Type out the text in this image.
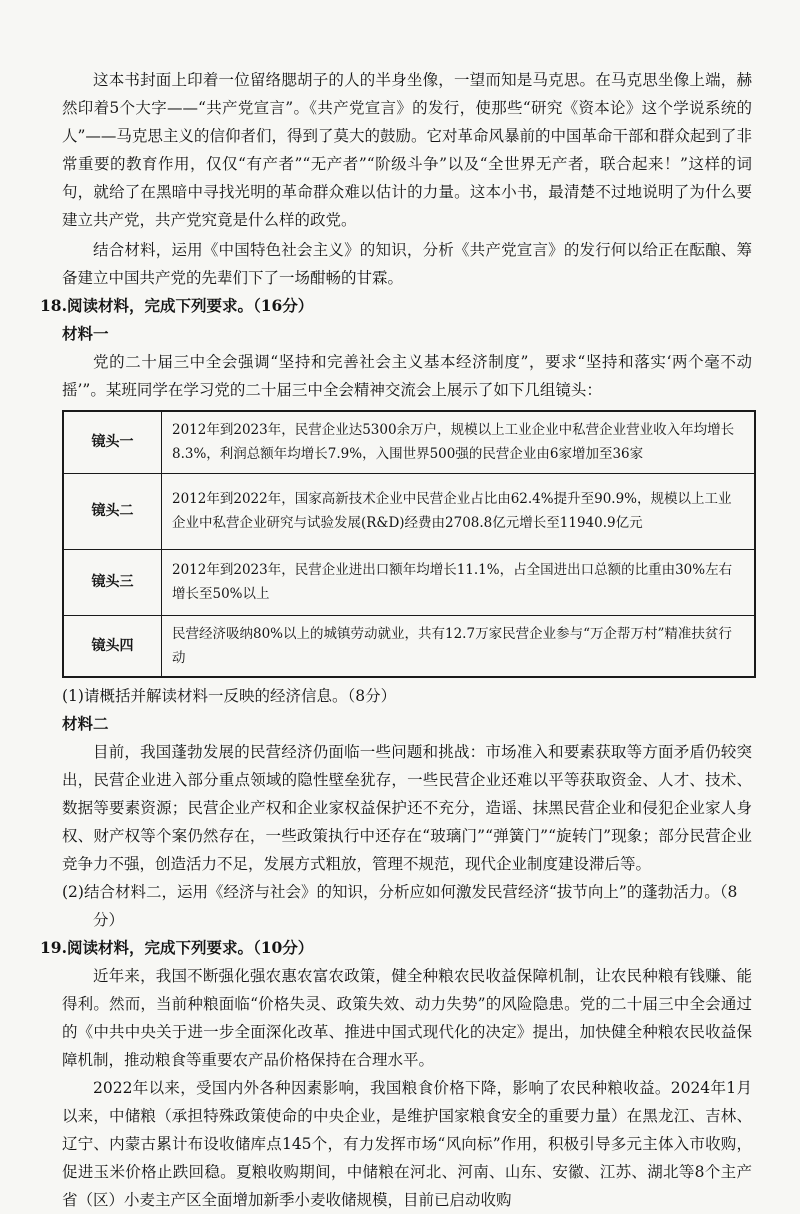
这本书封面上印着一位留络腮胡子的人的半身坐像，一望而知是马克思。在马克思坐像上端，赫然印着5个大字——“共产党宣言”。《共产党宣言》的发行，使那些“研究《资本论》这个学说系统的人”——马克思主义的信仰者们，得到了莫大的鼓励。它对革命风暴前的中国革命干部和群众起到了非常重要的教育作用，仅仅“有产者”“无产者”“阶级斗争”以及“全世界无产者，联合起来！”这样的词句，就给了在黑暗中寻找光明的革命群众难以估计的力量。这本小书，最清楚不过地说明了为什么要建立共产党，共产党究竟是什么样的政党。

结合材料，运用《中国特色社会主义》的知识，分析《共产党宣言》的发行何以给正在酝酿、筹备建立中国共产党的先辈们下了一场酣畅的甘霖。

18.阅读材料，完成下列要求。（16分）

材料一

党的二十届三中全会强调“坚持和完善社会主义基本经济制度”，要求“坚持和落实‘两个毫不动摇’”。某班同学在学习党的二十届三中全会精神交流会上展示了如下几组镜头：

镜头一	2012年到2023年，民营企业达5300余万户，规模以上工业企业中私营企业营业收入年均增长8.3%，利润总额年均增长7.9%，入围世界500强的民营企业由6家增加至36家
镜头二	2012年到2022年，国家高新技术企业中民营企业占比由62.4%提升至90.9%，规模以上工业企业中私营企业研究与试验发展(R&D)经费由2708.8亿元增长至11940.9亿元
镜头三	2012年到2023年，民营企业进出口额年均增长11.1%，占全国进出口总额的比重由30%左右增长至50%以上
镜头四	民营经济吸纳80%以上的城镇劳动就业，共有12.7万家民营企业参与“万企帮万村”精准扶贫行动

(1)请概括并解读材料一反映的经济信息。（8分）

材料二

目前，我国蓬勃发展的民营经济仍面临一些问题和挑战：市场准入和要素获取等方面矛盾仍较突出，民营企业进入部分重点领域的隐性壁垒犹存，一些民营企业还难以平等获取资金、人才、技术、数据等要素资源；民营企业产权和企业家权益保护还不充分，造谣、抹黑民营企业和侵犯企业家人身权、财产权等个案仍然存在，一些政策执行中还存在“玻璃门”“弹簧门”“旋转门”现象；部分民营企业竞争力不强，创造活力不足，发展方式粗放，管理不规范，现代企业制度建设滞后等。

(2)结合材料二，运用《经济与社会》的知识，分析应如何激发民营经济“拔节向上”的蓬勃活力。（8分）

19.阅读材料，完成下列要求。（10分）

近年来，我国不断强化强农惠农富农政策，健全种粮农民收益保障机制，让农民种粮有钱赚、能得利。然而，当前种粮面临“价格失灵、政策失效、动力失势”的风险隐患。党的二十届三中全会通过的《中共中央关于进一步全面深化改革、推进中国式现代化的决定》提出，加快健全种粮农民收益保障机制，推动粮食等重要农产品价格保持在合理水平。

2022年以来，受国内外各种因素影响，我国粮食价格下降，影响了农民种粮收益。2024年1月以来，中储粮（承担特殊政策使命的中央企业，是维护国家粮食安全的重要力量）在黑龙江、吉林、辽宁、内蒙古累计布设收储库点145个，有力发挥市场“风向标”作用，积极引导多元主体入市收购，促进玉米价格止跌回稳。夏粮收购期间，中储粮在河北、河南、山东、安徽、江苏、湖北等8个主产省（区）小麦主产区全面增加新季小麦收储规模，目前已启动收购
